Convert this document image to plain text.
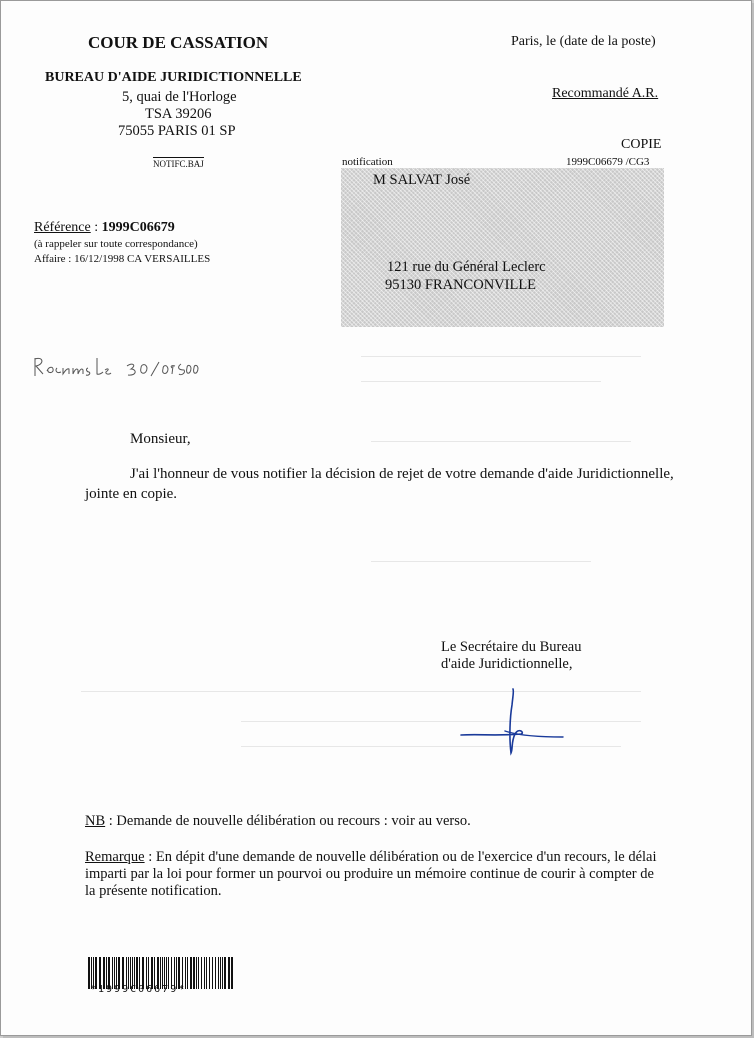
COUR DE CASSATION
BUREAU D'AIDE JURIDICTIONNELLE
5, quai de l'Horloge
TSA 39206
75055 PARIS 01 SP
NOTIFC.BAJ
Paris, le (date de la poste)
Recommandé A.R.
COPIE
notification	1999C06679 /CG3
M SALVAT José
121 rue du Général Leclerc
95130 FRANCONVILLE
Référence : 1999C06679
(à rappeler sur toute correspondance)
Affaire : 16/12/1998 CA VERSAILLES
Monsieur,
J'ai l'honneur de vous notifier la décision de rejet de votre demande d'aide Juridictionnelle,
jointe en copie.
Le Secrétaire du Bureau
d'aide Juridictionnelle,
NB : Demande de nouvelle délibération ou recours : voir au verso.
Remarque : En dépit d'une demande de nouvelle délibération ou de l'exercice d'un recours, le délai
imparti par la loi pour former un pourvoi ou produire un mémoire continue de courir à compter de
la présente notification.
*1999C06679*
